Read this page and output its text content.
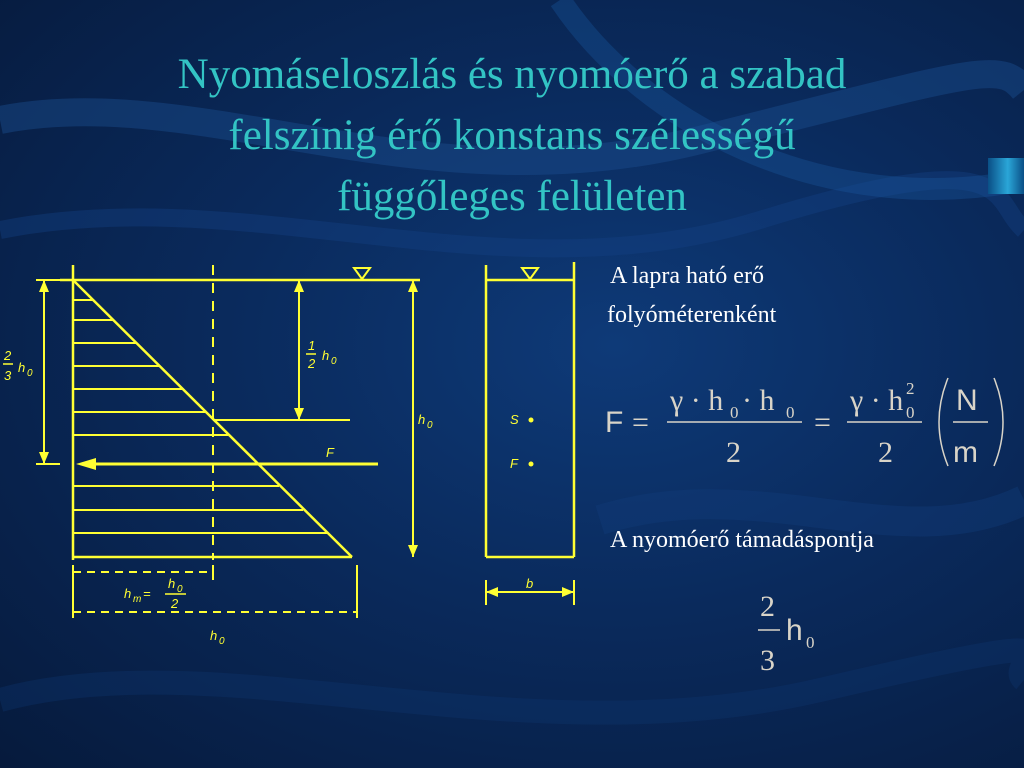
Nyomáseloszlás és nyomóerő a szabad
felszínig érő konstans szélességű
függőleges felületen
2
3
h 0
1
2
h 0
h 0
F
h m =
h 0
2
h 0
S
F
b
A lapra ható erő
folyóméterenként
A nyomóerő támadáspontja
F =
γ · h 0 · h 0
2
=
γ · h 0
2
2
N
m
2
3
h 0
